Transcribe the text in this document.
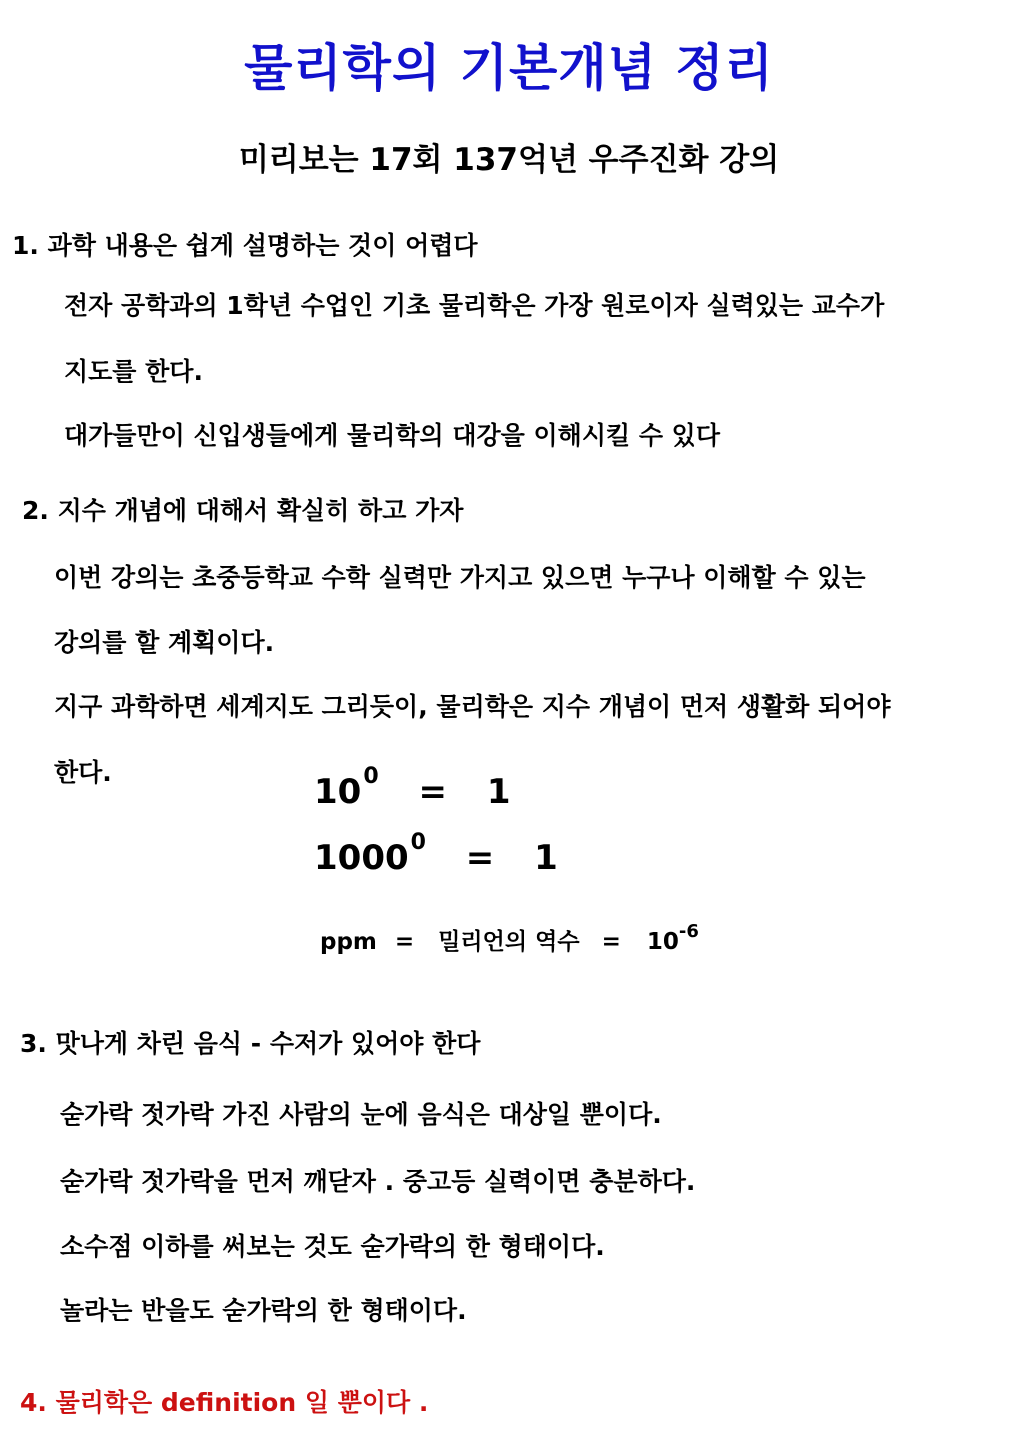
물리학의 기본개념 정리
미리보는 17회 137억년 우주진화 강의
1. 과학 내용은 쉽게 설명하는 것이 어렵다
전자 공학과의 1학년 수업인 기초 물리학은 가장 원로이자 실력있는 교수가
지도를 한다.
대가들만이 신입생들에게 물리학의 대강을 이해시킬 수 있다
2. 지수 개념에 대해서 확실히 하고 가자
이번 강의는 초중등학교 수학 실력만 가지고 있으면 누구나 이해할 수 있는
강의를 할 계획이다.
지구 과학하면 세계지도 그리듯이, 물리학은 지수 개념이 먼저 생활화 되어야
한다.	$10^0 = 1$
$1000^0 = 1$
ppm = 밀리언의 역수 = $10^{-6}$
3. 맛나게 차린 음식 - 수저가 있어야 한다
숟가락 젓가락 가진 사람의 눈에 음식은 대상일 뿐이다.
숟가락 젓가락을 먼저 깨닫자 . 중고등 실력이면 충분하다.
소수점 이하를 써보는 것도 숟가락의 한 형태이다.
놀라는 반을도 숟가락의 한 형태이다.
4. 물리학은 definition 일 뿐이다 .
